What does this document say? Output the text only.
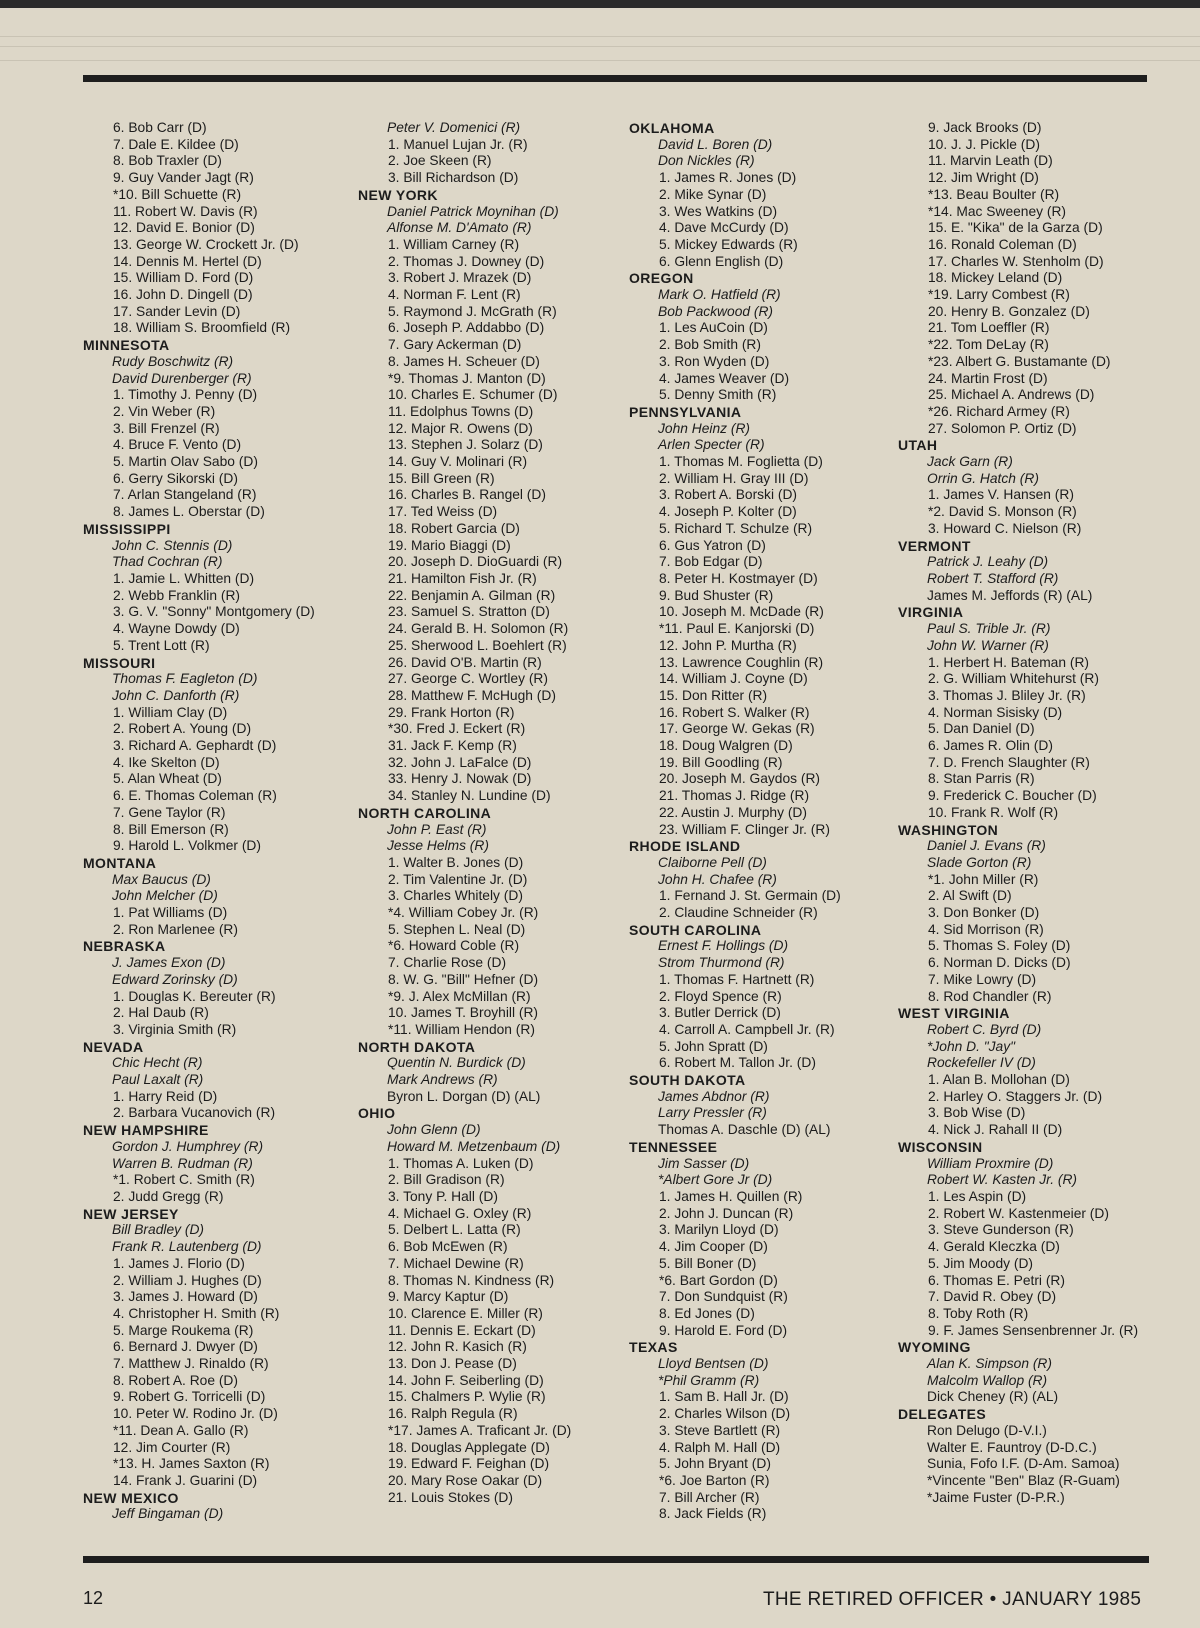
6. Bob Carr (D)
7. Dale E. Kildee (D)
8. Bob Traxler (D)
9. Guy Vander Jagt (R)
*10. Bill Schuette (R)
11. Robert W. Davis (R)
12. David E. Bonior (D)
13. George W. Crockett Jr. (D)
14. Dennis M. Hertel (D)
15. William D. Ford (D)
16. John D. Dingell (D)
17. Sander Levin (D)
18. William S. Broomfield (R)
MINNESOTA
Rudy Boschwitz (R)
David Durenberger (R)
1. Timothy J. Penny (D)
2. Vin Weber (R)
3. Bill Frenzel (R)
4. Bruce F. Vento (D)
5. Martin Olav Sabo (D)
6. Gerry Sikorski (D)
7. Arlan Stangeland (R)
8. James L. Oberstar (D)
MISSISSIPPI
John C. Stennis (D)
Thad Cochran (R)
1. Jamie L. Whitten (D)
2. Webb Franklin (R)
3. G. V. "Sonny" Montgomery (D)
4. Wayne Dowdy (D)
5. Trent Lott (R)
MISSOURI
Thomas F. Eagleton (D)
John C. Danforth (R)
1. William Clay (D)
2. Robert A. Young (D)
3. Richard A. Gephardt (D)
4. Ike Skelton (D)
5. Alan Wheat (D)
6. E. Thomas Coleman (R)
7. Gene Taylor (R)
8. Bill Emerson (R)
9. Harold L. Volkmer (D)
MONTANA
Max Baucus (D)
John Melcher (D)
1. Pat Williams (D)
2. Ron Marlenee (R)
NEBRASKA
J. James Exon (D)
Edward Zorinsky (D)
1. Douglas K. Bereuter (R)
2. Hal Daub (R)
3. Virginia Smith (R)
NEVADA
Chic Hecht (R)
Paul Laxalt (R)
1. Harry Reid (D)
2. Barbara Vucanovich (R)
NEW HAMPSHIRE
Gordon J. Humphrey (R)
Warren B. Rudman (R)
*1. Robert C. Smith (R)
2. Judd Gregg (R)
NEW JERSEY
Bill Bradley (D)
Frank R. Lautenberg (D)
1. James J. Florio (D)
2. William J. Hughes (D)
3. James J. Howard (D)
4. Christopher H. Smith (R)
5. Marge Roukema (R)
6. Bernard J. Dwyer (D)
7. Matthew J. Rinaldo (R)
8. Robert A. Roe (D)
9. Robert G. Torricelli (D)
10. Peter W. Rodino Jr. (D)
*11. Dean A. Gallo (R)
12. Jim Courter (R)
*13. H. James Saxton (R)
14. Frank J. Guarini (D)
NEW MEXICO
Jeff Bingaman (D)
Peter V. Domenici (R)
1. Manuel Lujan Jr. (R)
2. Joe Skeen (R)
3. Bill Richardson (D)
NEW YORK
Daniel Patrick Moynihan (D)
Alfonse M. D'Amato (R)
1. William Carney (R)
2. Thomas J. Downey (D)
3. Robert J. Mrazek (D)
4. Norman F. Lent (R)
5. Raymond J. McGrath (R)
6. Joseph P. Addabbo (D)
7. Gary Ackerman (D)
8. James H. Scheuer (D)
*9. Thomas J. Manton (D)
10. Charles E. Schumer (D)
11. Edolphus Towns (D)
12. Major R. Owens (D)
13. Stephen J. Solarz (D)
14. Guy V. Molinari (R)
15. Bill Green (R)
16. Charles B. Rangel (D)
17. Ted Weiss (D)
18. Robert Garcia (D)
19. Mario Biaggi (D)
20. Joseph D. DioGuardi (R)
21. Hamilton Fish Jr. (R)
22. Benjamin A. Gilman (R)
23. Samuel S. Stratton (D)
24. Gerald B. H. Solomon (R)
25. Sherwood L. Boehlert (R)
26. David O'B. Martin (R)
27. George C. Wortley (R)
28. Matthew F. McHugh (D)
29. Frank Horton (R)
*30. Fred J. Eckert (R)
31. Jack F. Kemp (R)
32. John J. LaFalce (D)
33. Henry J. Nowak (D)
34. Stanley N. Lundine (D)
NORTH CAROLINA
John P. East (R)
Jesse Helms (R)
1. Walter B. Jones (D)
2. Tim Valentine Jr. (D)
3. Charles Whitely (D)
*4. William Cobey Jr. (R)
5. Stephen L. Neal (D)
*6. Howard Coble (R)
7. Charlie Rose (D)
8. W. G. "Bill" Hefner (D)
*9. J. Alex McMillan (R)
10. James T. Broyhill (R)
*11. William Hendon (R)
NORTH DAKOTA
Quentin N. Burdick (D)
Mark Andrews (R)
Byron L. Dorgan (D) (AL)
OHIO
John Glenn (D)
Howard M. Metzenbaum (D)
1. Thomas A. Luken (D)
2. Bill Gradison (R)
3. Tony P. Hall (D)
4. Michael G. Oxley (R)
5. Delbert L. Latta (R)
6. Bob McEwen (R)
7. Michael Dewine (R)
8. Thomas N. Kindness (R)
9. Marcy Kaptur (D)
10. Clarence E. Miller (R)
11. Dennis E. Eckart (D)
12. John R. Kasich (R)
13. Don J. Pease (D)
14. John F. Seiberling (D)
15. Chalmers P. Wylie (R)
16. Ralph Regula (R)
*17. James A. Traficant Jr. (D)
18. Douglas Applegate (D)
19. Edward F. Feighan (D)
20. Mary Rose Oakar (D)
21. Louis Stokes (D)
OKLAHOMA
David L. Boren (D)
Don Nickles (R)
1. James R. Jones (D)
2. Mike Synar (D)
3. Wes Watkins (D)
4. Dave McCurdy (D)
5. Mickey Edwards (R)
6. Glenn English (D)
OREGON
Mark O. Hatfield (R)
Bob Packwood (R)
1. Les AuCoin (D)
2. Bob Smith (R)
3. Ron Wyden (D)
4. James Weaver (D)
5. Denny Smith (R)
PENNSYLVANIA
John Heinz (R)
Arlen Specter (R)
1. Thomas M. Foglietta (D)
2. William H. Gray III (D)
3. Robert A. Borski (D)
4. Joseph P. Kolter (D)
5. Richard T. Schulze (R)
6. Gus Yatron (D)
7. Bob Edgar (D)
8. Peter H. Kostmayer (D)
9. Bud Shuster (R)
10. Joseph M. McDade (R)
*11. Paul E. Kanjorski (D)
12. John P. Murtha (R)
13. Lawrence Coughlin (R)
14. William J. Coyne (D)
15. Don Ritter (R)
16. Robert S. Walker (R)
17. George W. Gekas (R)
18. Doug Walgren (D)
19. Bill Goodling (R)
20. Joseph M. Gaydos (R)
21. Thomas J. Ridge (R)
22. Austin J. Murphy (D)
23. William F. Clinger Jr. (R)
RHODE ISLAND
Claiborne Pell (D)
John H. Chafee (R)
1. Fernand J. St. Germain (D)
2. Claudine Schneider (R)
SOUTH CAROLINA
Ernest F. Hollings (D)
Strom Thurmond (R)
1. Thomas F. Hartnett (R)
2. Floyd Spence (R)
3. Butler Derrick (D)
4. Carroll A. Campbell Jr. (R)
5. John Spratt (D)
6. Robert M. Tallon Jr. (D)
SOUTH DAKOTA
James Abdnor (R)
Larry Pressler (R)
Thomas A. Daschle (D) (AL)
TENNESSEE
Jim Sasser (D)
*Albert Gore Jr (D)
1. James H. Quillen (R)
2. John J. Duncan (R)
3. Marilyn Lloyd (D)
4. Jim Cooper (D)
5. Bill Boner (D)
*6. Bart Gordon (D)
7. Don Sundquist (R)
8. Ed Jones (D)
9. Harold E. Ford (D)
TEXAS
Lloyd Bentsen (D)
*Phil Gramm (R)
1. Sam B. Hall Jr. (D)
2. Charles Wilson (D)
3. Steve Bartlett (R)
4. Ralph M. Hall (D)
5. John Bryant (D)
*6. Joe Barton (R)
7. Bill Archer (R)
8. Jack Fields (R)
9. Jack Brooks (D)
10. J. J. Pickle (D)
11. Marvin Leath (D)
12. Jim Wright (D)
*13. Beau Boulter (R)
*14. Mac Sweeney (R)
15. E. "Kika" de la Garza (D)
16. Ronald Coleman (D)
17. Charles W. Stenholm (D)
18. Mickey Leland (D)
*19. Larry Combest (R)
20. Henry B. Gonzalez (D)
21. Tom Loeffler (R)
*22. Tom DeLay (R)
*23. Albert G. Bustamante (D)
24. Martin Frost (D)
25. Michael A. Andrews (D)
*26. Richard Armey (R)
27. Solomon P. Ortiz (D)
UTAH
Jack Garn (R)
Orrin G. Hatch (R)
1. James V. Hansen (R)
*2. David S. Monson (R)
3. Howard C. Nielson (R)
VERMONT
Patrick J. Leahy (D)
Robert T. Stafford (R)
James M. Jeffords (R) (AL)
VIRGINIA
Paul S. Trible Jr. (R)
John W. Warner (R)
1. Herbert H. Bateman (R)
2. G. William Whitehurst (R)
3. Thomas J. Bliley Jr. (R)
4. Norman Sisisky (D)
5. Dan Daniel (D)
6. James R. Olin (D)
7. D. French Slaughter (R)
8. Stan Parris (R)
9. Frederick C. Boucher (D)
10. Frank R. Wolf (R)
WASHINGTON
Daniel J. Evans (R)
Slade Gorton (R)
*1. John Miller (R)
2. Al Swift (D)
3. Don Bonker (D)
4. Sid Morrison (R)
5. Thomas S. Foley (D)
6. Norman D. Dicks (D)
7. Mike Lowry (D)
8. Rod Chandler (R)
WEST VIRGINIA
Robert C. Byrd (D)
*John D. "Jay"
Rockefeller IV (D)
1. Alan B. Mollohan (D)
2. Harley O. Staggers Jr. (D)
3. Bob Wise (D)
4. Nick J. Rahall II (D)
WISCONSIN
William Proxmire (D)
Robert W. Kasten Jr. (R)
1. Les Aspin (D)
2. Robert W. Kastenmeier (D)
3. Steve Gunderson (R)
4. Gerald Kleczka (D)
5. Jim Moody (D)
6. Thomas E. Petri (R)
7. David R. Obey (D)
8. Toby Roth (R)
9. F. James Sensenbrenner Jr. (R)
WYOMING
Alan K. Simpson (R)
Malcolm Wallop (R)
Dick Cheney (R) (AL)
DELEGATES
Ron Delugo (D-V.I.)
Walter E. Fauntroy (D-D.C.)
Sunia, Fofo I.F. (D-Am. Samoa)
*Vincente "Ben" Blaz (R-Guam)
*Jaime Fuster (D-P.R.)
12	THE RETIRED OFFICER • JANUARY 1985
